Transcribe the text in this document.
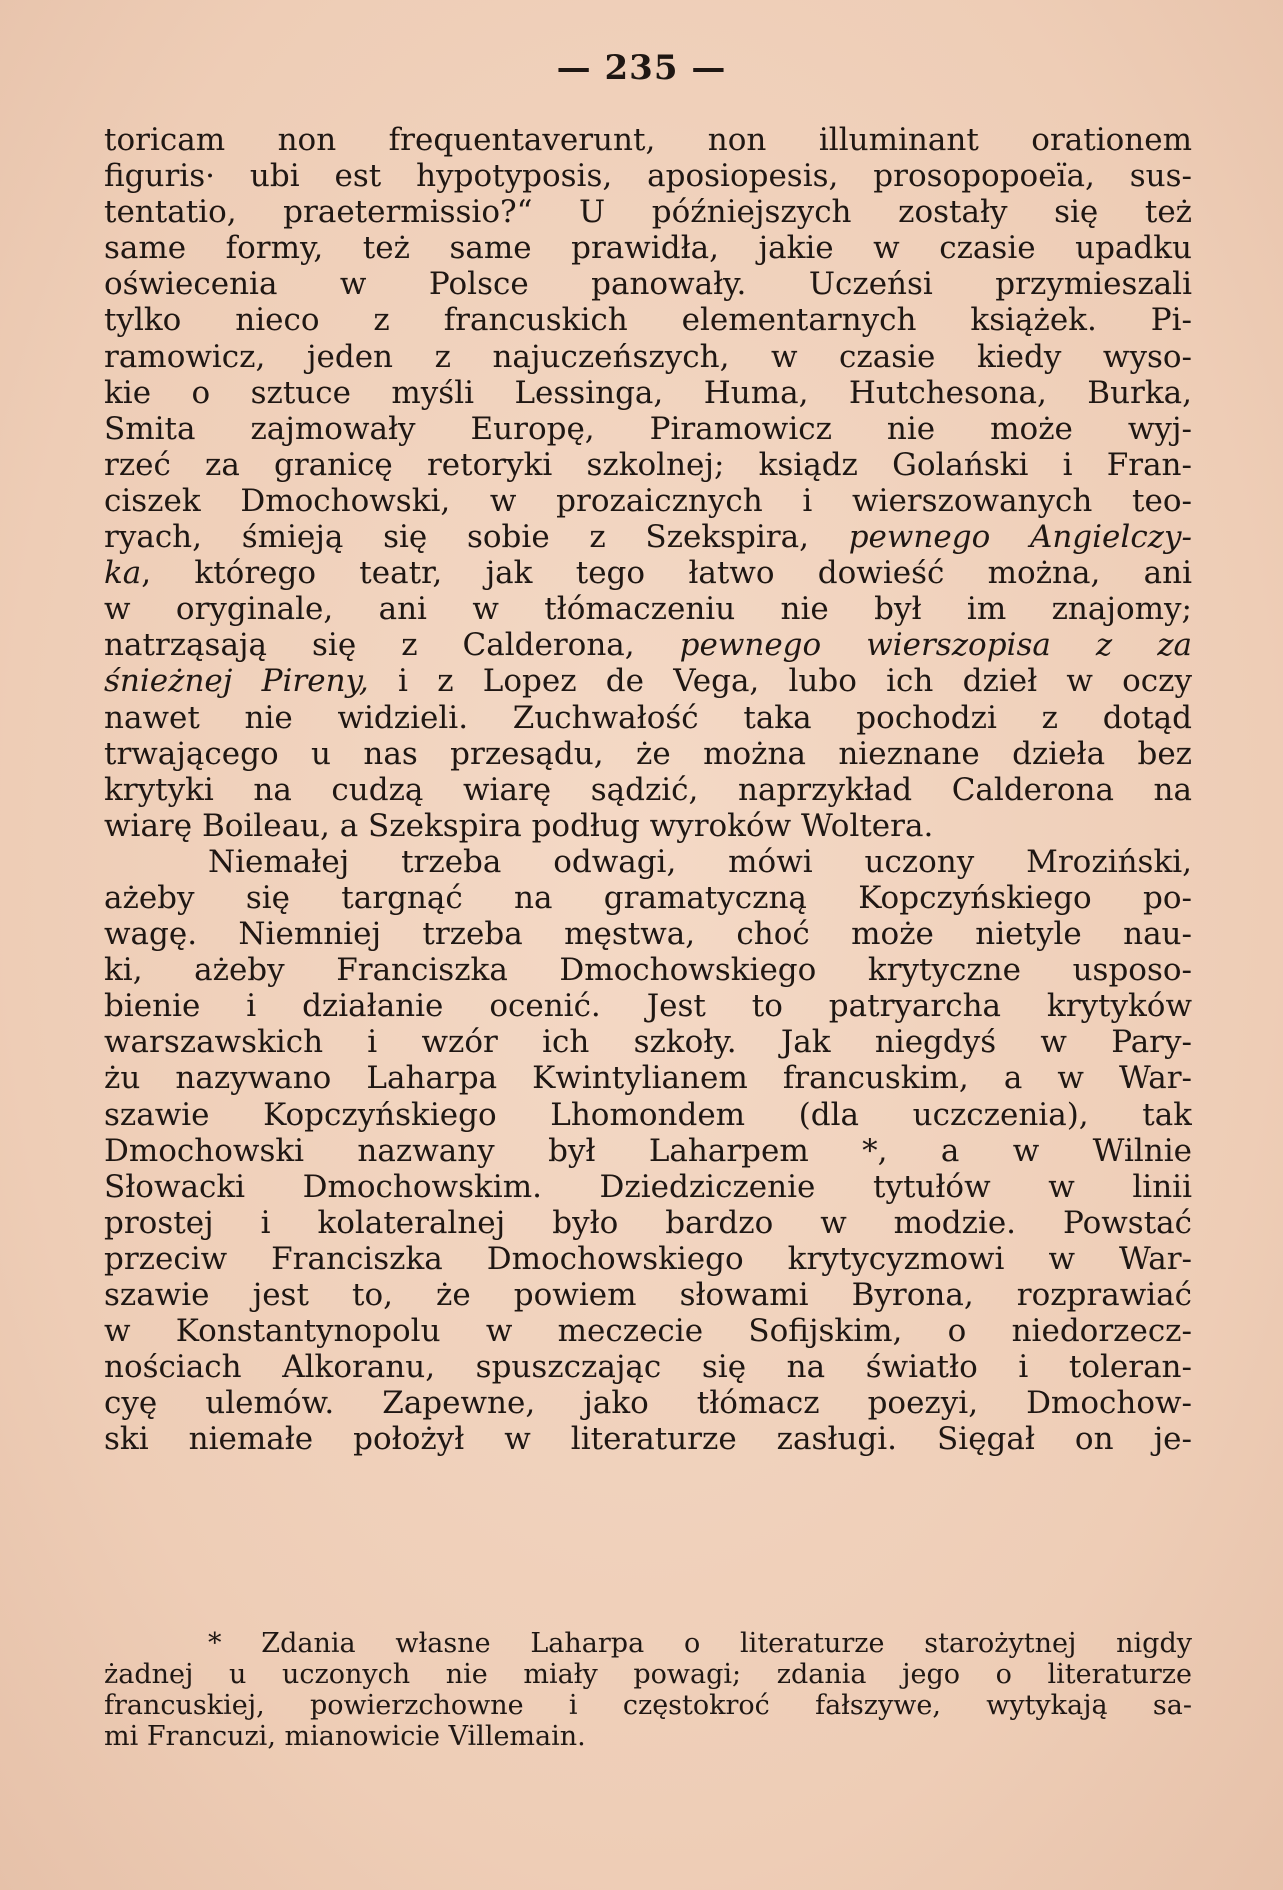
— 235 —
toricam non frequentaverunt, non illuminant orationem
figuris· ubi est hypotyposis, aposiopesis, prosopopoeïa, sus-
tentatio, praetermissio?“ U późniejszych zostały się też
same formy, też same prawidła, jakie w czasie upadku
oświecenia w Polsce panowały. Uczeńsi przymieszali
tylko nieco z francuskich elementarnych książek. Pi-
ramowicz, jeden z najuczeńszych, w czasie kiedy wyso-
kie o sztuce myśli Lessinga, Huma, Hutchesona, Burka,
Smita zajmowały Europę, Piramowicz nie może wyj-
rzeć za granicę retoryki szkolnej; ksiądz Golański i Fran-
ciszek Dmochowski, w prozaicznych i wierszowanych teo-
ryach, śmieją się sobie z Szekspira, pewnego Angielczy-
ka, którego teatr, jak tego łatwo dowieść można, ani
w oryginale, ani w tłómaczeniu nie był im znajomy;
natrząsają się z Calderona, pewnego wierszopisa z za
śnieżnej Pireny, i z Lopez de Vega, lubo ich dzieł w oczy
nawet nie widzieli. Zuchwałość taka pochodzi z dotąd
trwającego u nas przesądu, że można nieznane dzieła bez
krytyki na cudzą wiarę sądzić, naprzykład Calderona na
wiarę Boileau, a Szekspira podług wyroków Woltera.
Niemałej trzeba odwagi, mówi uczony Mroziński,
ażeby się targnąć na gramatyczną Kopczyńskiego po-
wagę. Niemniej trzeba męstwa, choć może nietyle nau-
ki, ażeby Franciszka Dmochowskiego krytyczne usposo-
bienie i działanie ocenić. Jest to patryarcha krytyków
warszawskich i wzór ich szkoły. Jak niegdyś w Pary-
żu nazywano Laharpa Kwintylianem francuskim, a w War-
szawie Kopczyńskiego Lhomondem (dla uczczenia), tak
Dmochowski nazwany był Laharpem *, a w Wilnie
Słowacki Dmochowskim. Dziedziczenie tytułów w linii
prostej i kolateralnej było bardzo w modzie. Powstać
przeciw Franciszka Dmochowskiego krytycyzmowi w War-
szawie jest to, że powiem słowami Byrona, rozprawiać
w Konstantynopolu w meczecie Sofijskim, o niedorzecz-
nościach Alkoranu, spuszczając się na światło i toleran-
cyę ulemów. Zapewne, jako tłómacz poezyi, Dmochow-
ski niemałe położył w literaturze zasługi. Sięgał on je-
* Zdania własne Laharpa o literaturze starożytnej nigdy
żadnej u uczonych nie miały powagi; zdania jego o literaturze
francuskiej, powierzchowne i częstokroć fałszywe, wytykają sa-
mi Francuzi, mianowicie Villemain.
